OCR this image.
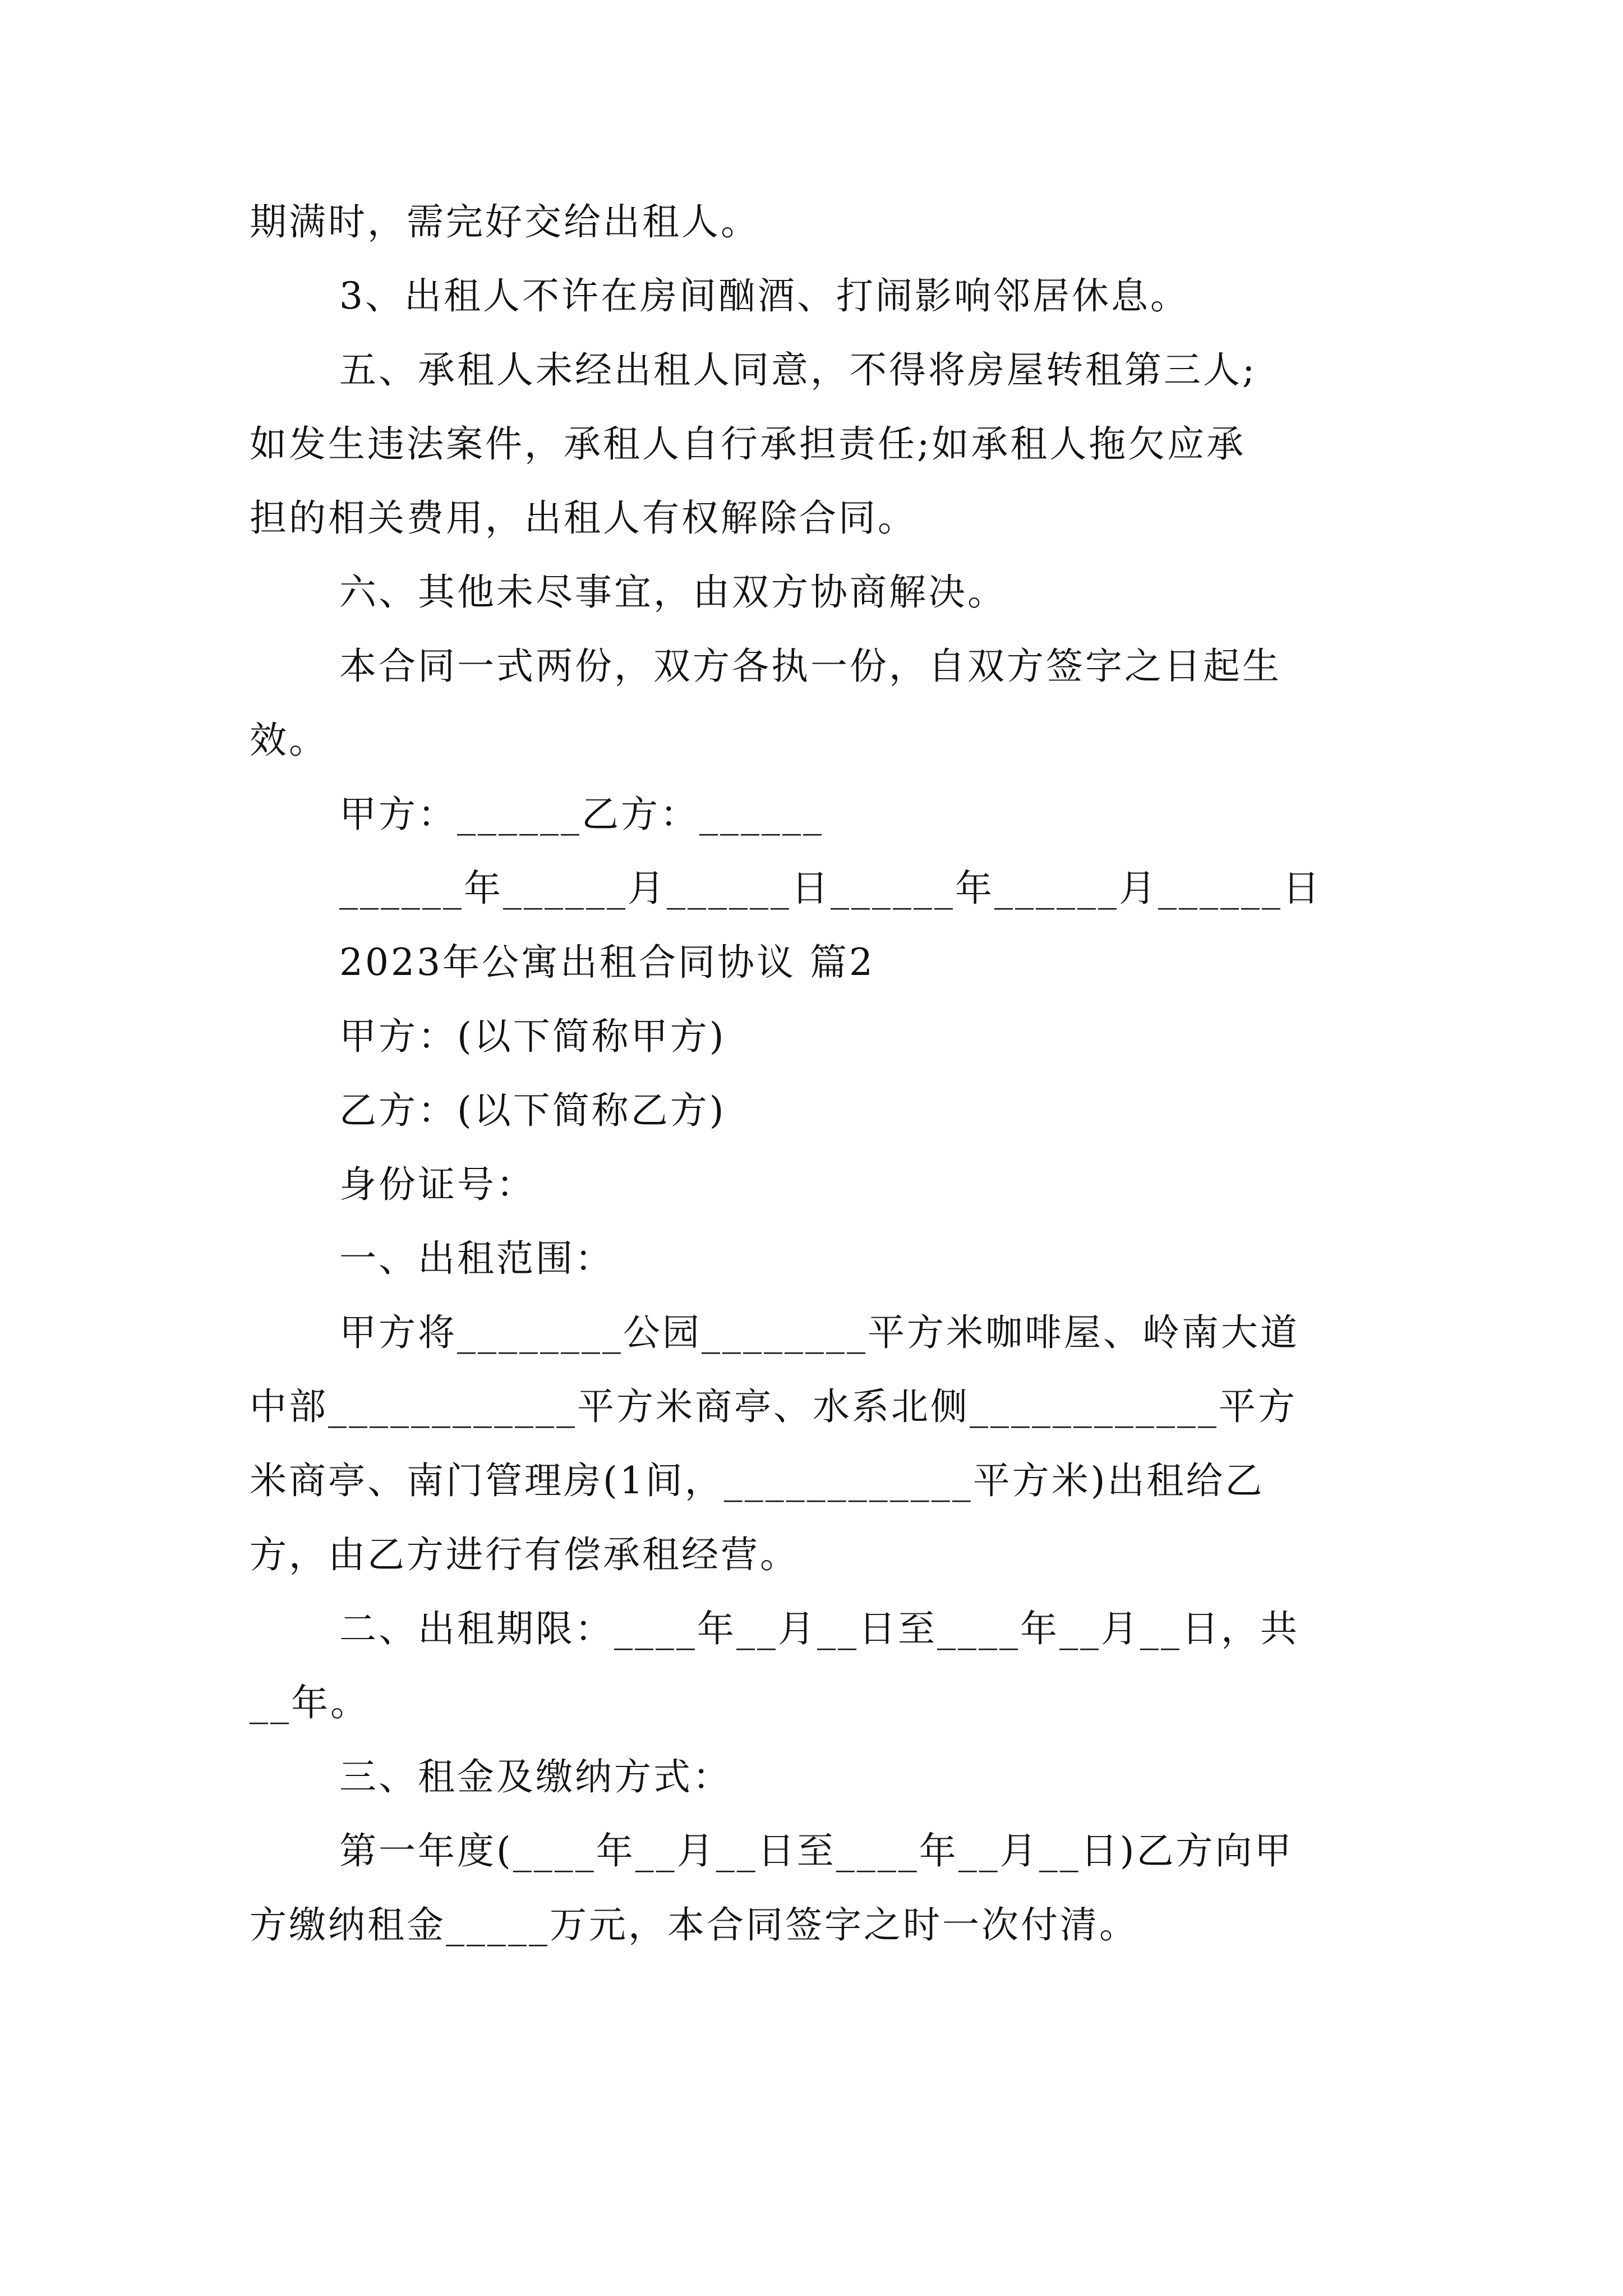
期满时，需完好交给出租人。
3、出租人不许在房间酗酒、打闹影响邻居休息。
五、承租人未经出租人同意，不得将房屋转租第三人;
如发生违法案件，承租人自行承担责任;如承租人拖欠应承
担的相关费用，出租人有权解除合同。
六、其他未尽事宜，由双方协商解决。
本合同一式两份，双方各执一份，自双方签字之日起生
效。
甲方：______乙方：______
______年______月______日______年______月______日
2023年公寓出租合同协议 篇2
甲方：(以下简称甲方)
乙方：(以下简称乙方)
身份证号：
一、出租范围：
甲方将________公园________平方米咖啡屋、岭南大道
中部____________平方米商亭、水系北侧____________平方
米商亭、南门管理房(1间，____________平方米)出租给乙
方，由乙方进行有偿承租经营。
二、出租期限：____年__月__日至____年__月__日，共
__年。
三、租金及缴纳方式：
第一年度(____年__月__日至____年__月__日)乙方向甲
方缴纳租金_____万元，本合同签字之时一次付清。
